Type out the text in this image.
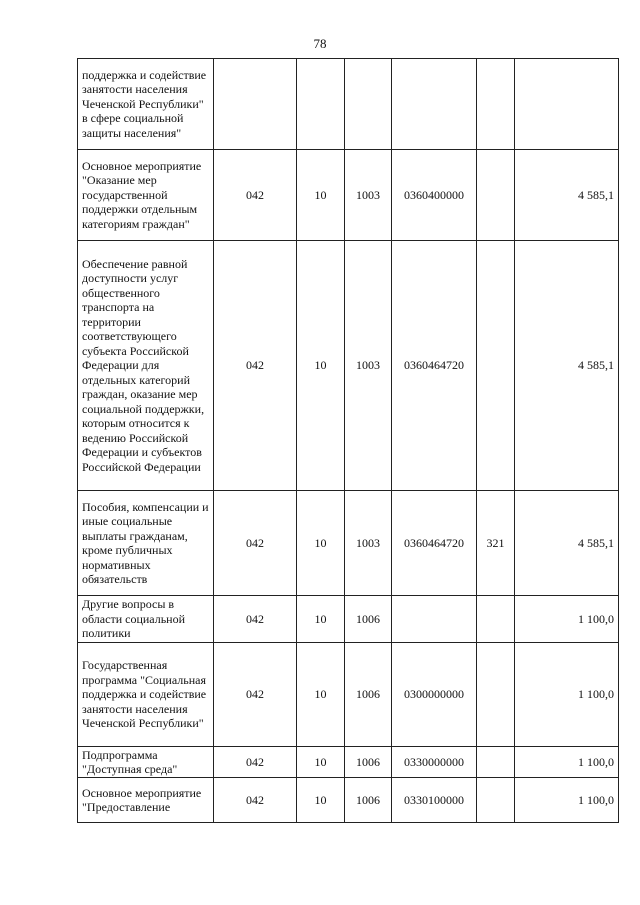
78
поддержка и содействие занятости населения Чеченской Республики" в сфере социальной защиты населения"						
Основное мероприятие "Оказание мер государственной поддержки отдельным категориям граждан"	042	10	1003	0360400000		4 585,1
Обеспечение равной доступности услуг общественного транспорта на территории соответствующего субъекта Российской Федерации для отдельных категорий граждан, оказание мер социальной поддержки, которым относится к ведению Российской Федерации и субъектов Российской Федерации	042	10	1003	0360464720		4 585,1
Пособия, компенсации и иные социальные выплаты гражданам, кроме публичных нормативных обязательств	042	10	1003	0360464720	321	4 585,1
Другие вопросы в области социальной политики	042	10	1006			1 100,0
Государственная программа "Социальная поддержка и содействие занятости населения Чеченской Республики"	042	10	1006	0300000000		1 100,0
Подпрограмма "Доступная среда"	042	10	1006	0330000000		1 100,0
Основное мероприятие "Предоставление	042	10	1006	0330100000		1 100,0
